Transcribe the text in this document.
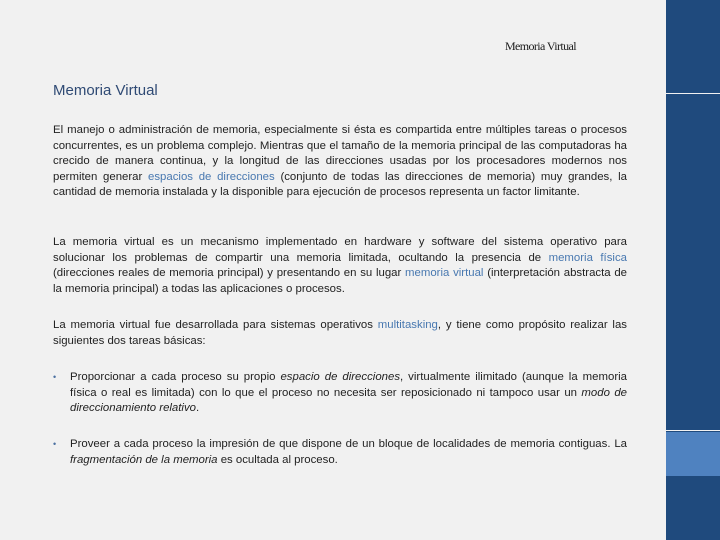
Memoria Virtual
Memoria Virtual
El manejo o administración de memoria, especialmente si ésta es compartida entre múltiples tareas o procesos concurrentes, es un problema complejo. Mientras que el tamaño de la memoria principal de las computadoras ha crecido de manera continua, y la longitud de las direcciones usadas por los procesadores modernos nos permiten generar espacios de direcciones (conjunto de todas las direcciones de memoria) muy grandes, la cantidad de memoria instalada y la disponible para ejecución de procesos representa un factor limitante.
La memoria virtual es un mecanismo implementado en hardware y software del sistema operativo para solucionar los problemas de compartir una memoria limitada, ocultando la presencia de memoria física (direcciones reales de memoria principal) y presentando en su lugar memoria virtual (interpretación abstracta de la memoria principal) a todas las aplicaciones o procesos.
La memoria virtual fue desarrollada para sistemas operativos multitasking, y tiene como propósito realizar las siguientes dos tareas básicas:
•	Proporcionar a cada proceso su propio espacio de direcciones, virtualmente ilimitado (aunque la memoria física o real es limitada) con lo que el proceso no necesita ser reposicionado ni tampoco usar un modo de direccionamiento relativo.
•	Proveer a cada proceso la impresión de que dispone de un bloque de localidades de memoria contiguas. La fragmentación de la memoria es ocultada al proceso.
